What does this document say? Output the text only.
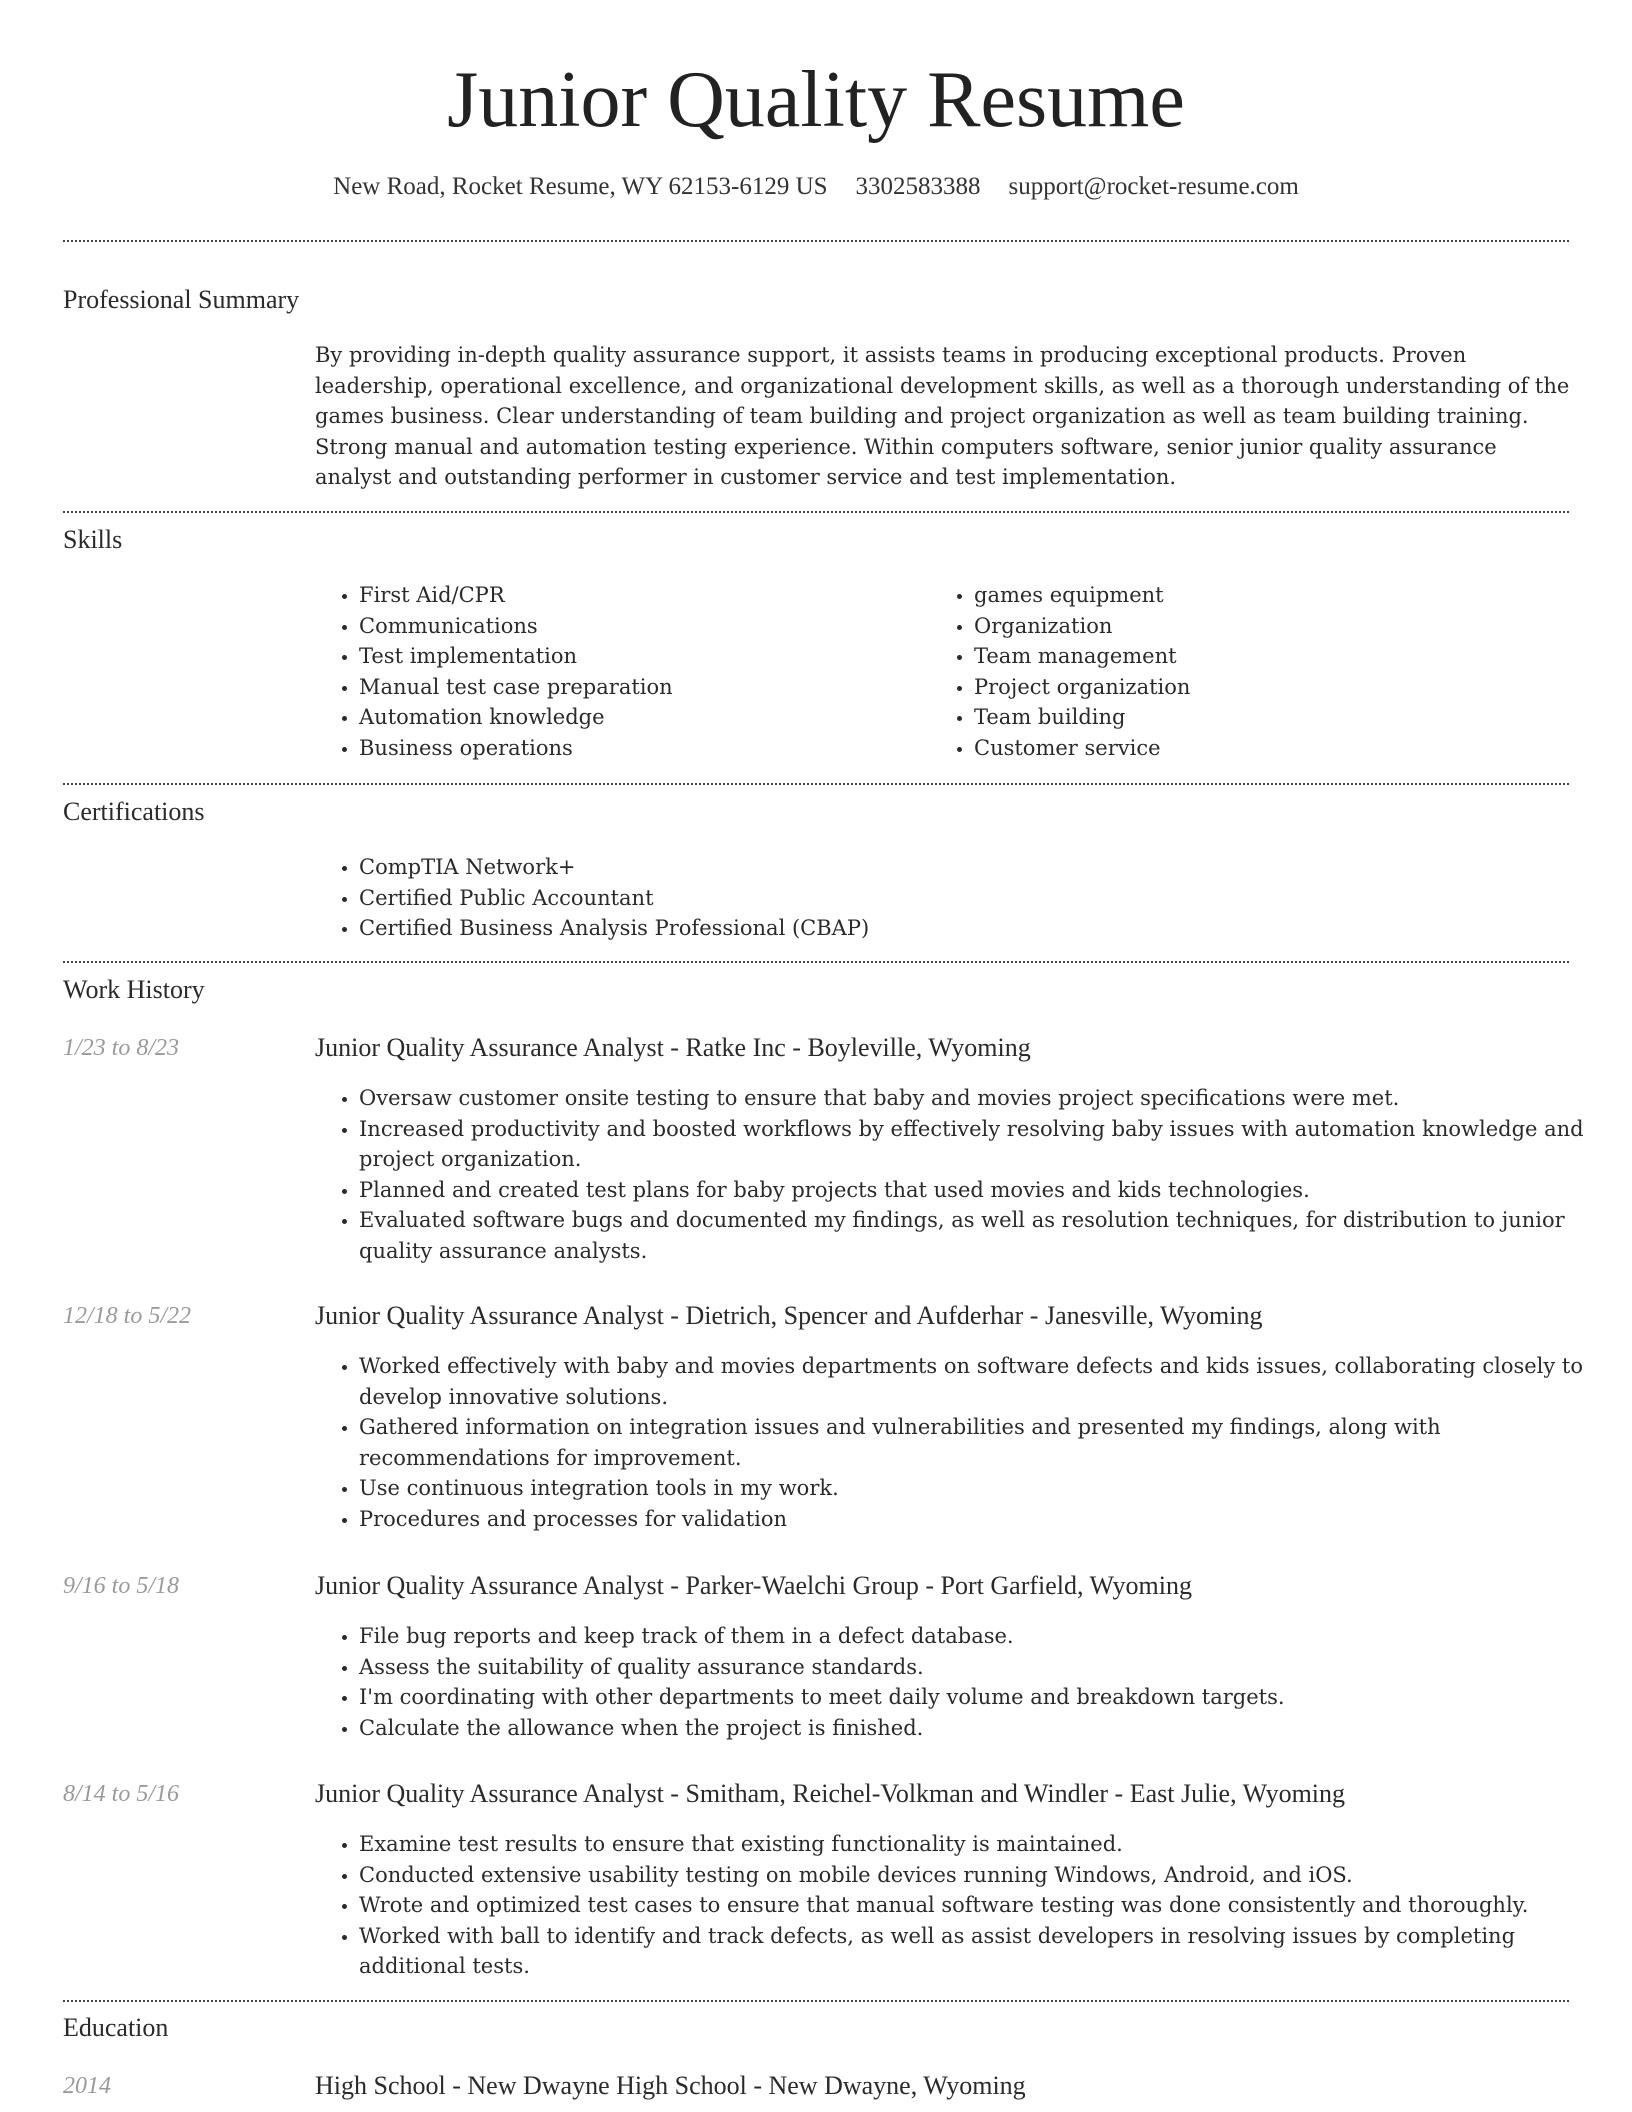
Junior Quality Resume
New Road, Rocket Resume, WY 62153-6129 US 3302583388 support@rocket-resume.com
Professional Summary

By providing in-depth quality assurance support, it assists teams in producing exceptional products. Proven leadership, operational excellence, and organizational development skills, as well as a thorough understanding of the games business. Clear understanding of team building and project organization as well as team building training. Strong manual and automation testing experience. Within computers software, senior junior quality assurance analyst and outstanding performer in customer service and test implementation.

Skills
• First Aid/CPR
• Communications
• Test implementation
• Manual test case preparation
• Automation knowledge
• Business operations
• games equipment
• Organization
• Team management
• Project organization
• Team building
• Customer service
Certifications
• CompTIA Network+
• Certified Public Accountant
• Certified Business Analysis Professional (CBAP)
Work History
1/23 to 8/23	Junior Quality Assurance Analyst - Ratke Inc - Boyleville, Wyoming
• Oversaw customer onsite testing to ensure that baby and movies project specifications were met.
• Increased productivity and boosted workflows by effectively resolving baby issues with automation knowledge and project organization.
• Planned and created test plans for baby projects that used movies and kids technologies.
• Evaluated software bugs and documented my findings, as well as resolution techniques, for distribution to junior quality assurance analysts.
12/18 to 5/22	Junior Quality Assurance Analyst - Dietrich, Spencer and Aufderhar - Janesville, Wyoming
• Worked effectively with baby and movies departments on software defects and kids issues, collaborating closely to develop innovative solutions.
• Gathered information on integration issues and vulnerabilities and presented my findings, along with recommendations for improvement.
• Use continuous integration tools in my work.
• Procedures and processes for validation
9/16 to 5/18	Junior Quality Assurance Analyst - Parker-Waelchi Group - Port Garfield, Wyoming
• File bug reports and keep track of them in a defect database.
• Assess the suitability of quality assurance standards.
• I'm coordinating with other departments to meet daily volume and breakdown targets.
• Calculate the allowance when the project is finished.
8/14 to 5/16	Junior Quality Assurance Analyst - Smitham, Reichel-Volkman and Windler - East Julie, Wyoming
• Examine test results to ensure that existing functionality is maintained.
• Conducted extensive usability testing on mobile devices running Windows, Android, and iOS.
• Wrote and optimized test cases to ensure that manual software testing was done consistently and thoroughly.
• Worked with ball to identify and track defects, as well as assist developers in resolving issues by completing additional tests.
Education
2014	High School - New Dwayne High School - New Dwayne, Wyoming
